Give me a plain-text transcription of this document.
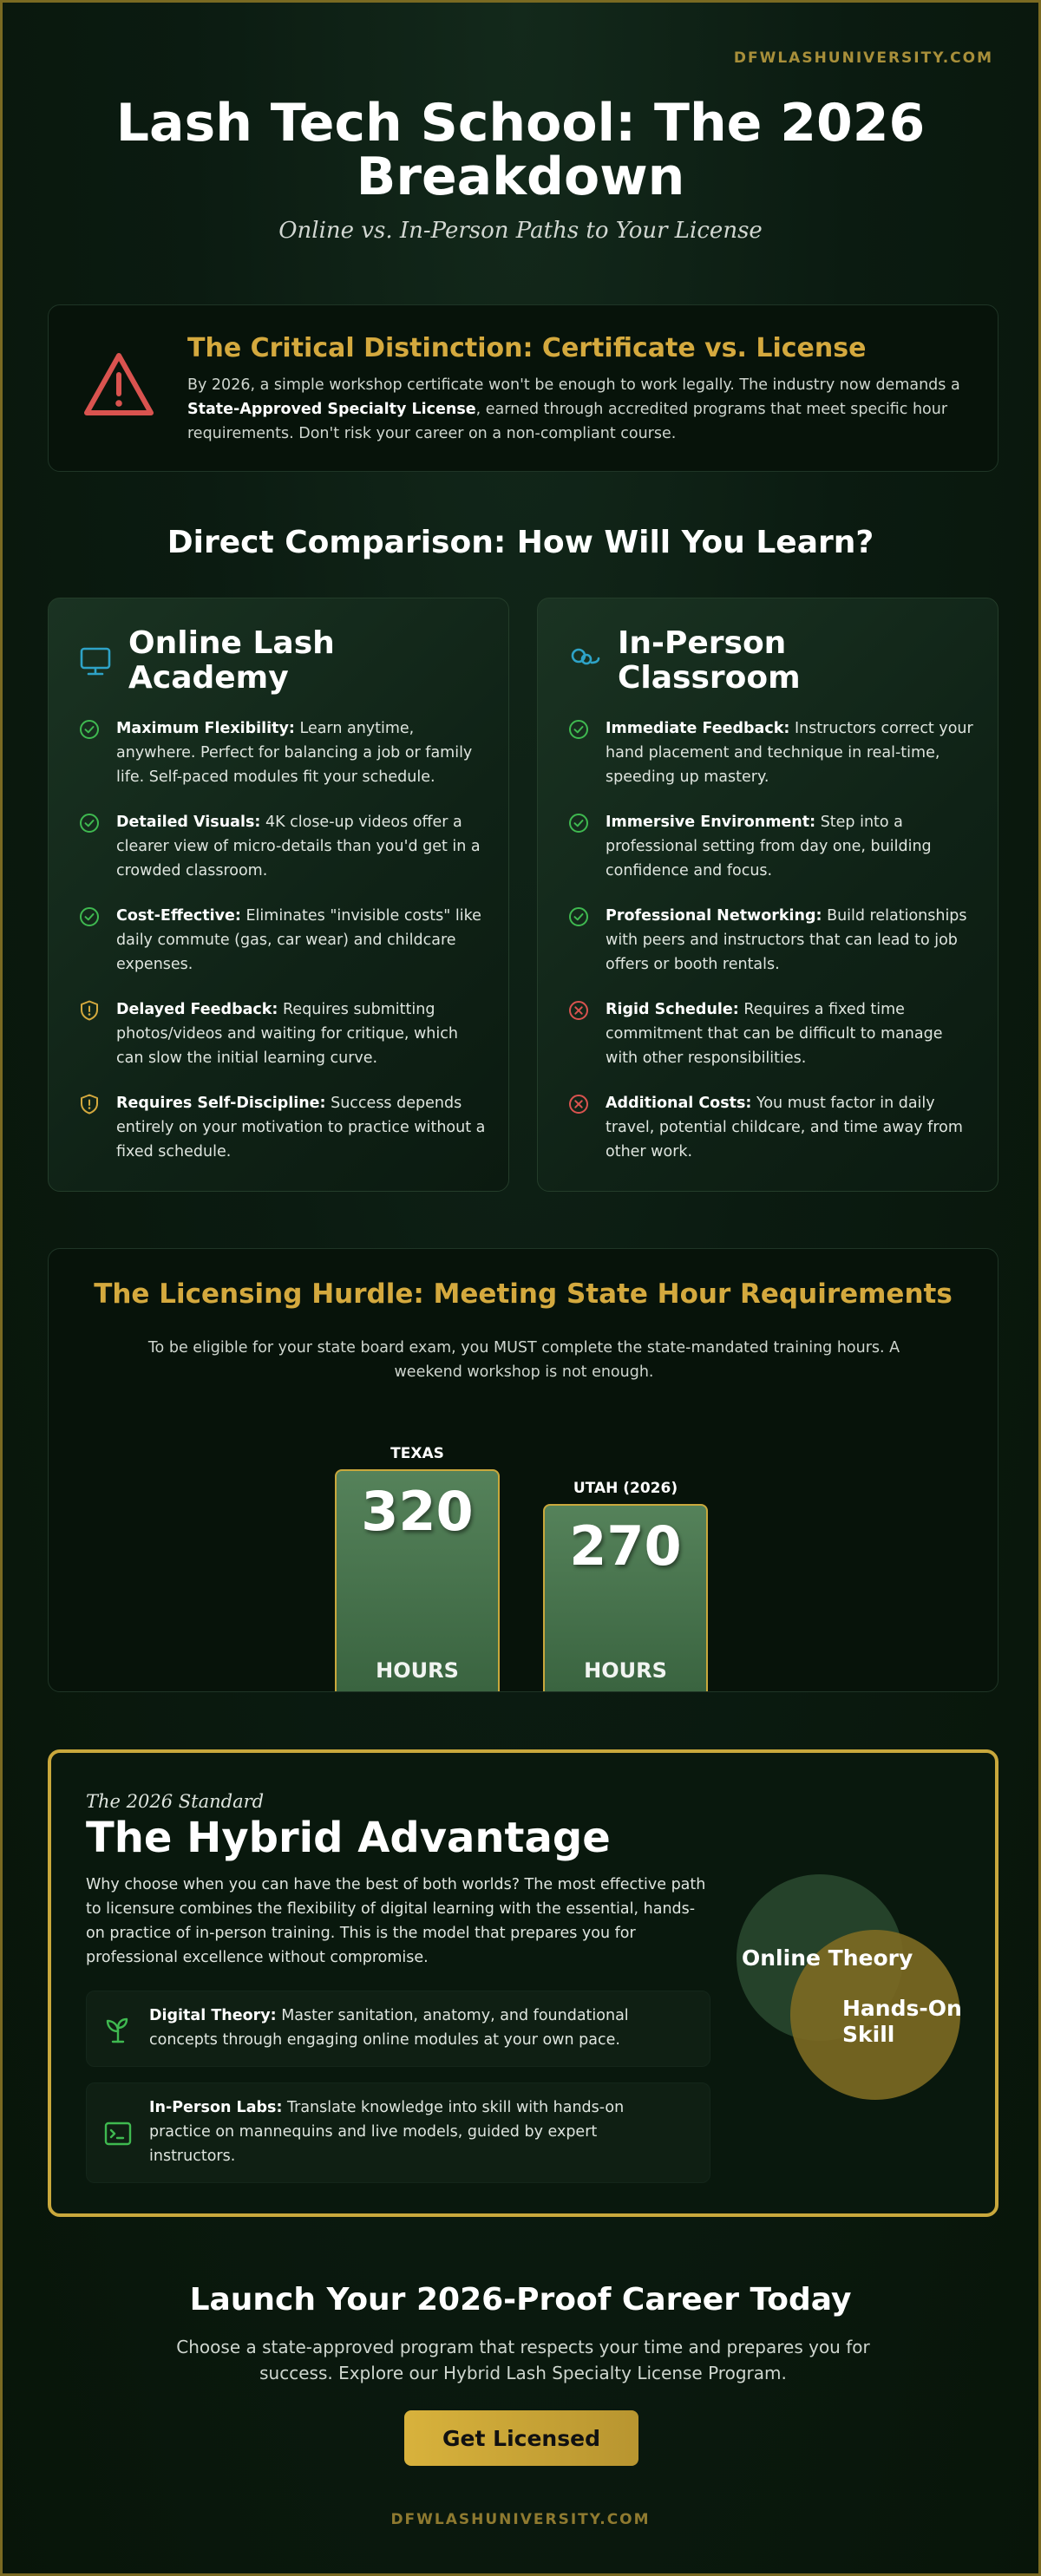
DFWLASHUNIVERSITY.COM
Lash Tech School: The 2026
Breakdown
Online vs. In-Person Paths to Your License
The Critical Distinction: Certificate vs. License
By 2026, a simple workshop certificate won't be enough to work legally. The industry now demands a State-Approved Specialty License, earned through accredited programs that meet specific hour requirements. Don't risk your career on a non-compliant course.
Direct Comparison: How Will You Learn?
Online Lash
Academy
Maximum Flexibility: Learn anytime, anywhere. Perfect for balancing a job or family life. Self-paced modules fit your schedule.
Detailed Visuals: 4K close-up videos offer a clearer view of micro-details than you'd get in a crowded classroom.
Cost-Effective: Eliminates "invisible costs" like daily commute (gas, car wear) and childcare expenses.
Delayed Feedback: Requires submitting photos/videos and waiting for critique, which can slow the initial learning curve.
Requires Self-Discipline: Success depends entirely on your motivation to practice without a fixed schedule.
In-Person
Classroom
Immediate Feedback: Instructors correct your hand placement and technique in real-time, speeding up mastery.
Immersive Environment: Step into a professional setting from day one, building confidence and focus.
Professional Networking: Build relationships with peers and instructors that can lead to job offers or booth rentals.
Rigid Schedule: Requires a fixed time commitment that can be difficult to manage with other responsibilities.
Additional Costs: You must factor in daily travel, potential childcare, and time away from other work.
The Licensing Hurdle: Meeting State Hour Requirements
To be eligible for your state board exam, you MUST complete the state-mandated training hours. A weekend workshop is not enough.
TEXAS
320
HOURS
UTAH (2026)
270
HOURS
The 2026 Standard
The Hybrid Advantage
Why choose when you can have the best of both worlds? The most effective path to licensure combines the flexibility of digital learning with the essential, hands-on practice of in-person training. This is the model that prepares you for professional excellence without compromise.
Digital Theory: Master sanitation, anatomy, and foundational concepts through engaging online modules at your own pace.
In-Person Labs: Translate knowledge into skill with hands-on practice on mannequins and live models, guided by expert instructors.
Online Theory
Hands-On
Skill
Launch Your 2026-Proof Career Today
Choose a state-approved program that respects your time and prepares you for success. Explore our Hybrid Lash Specialty License Program.
Get Licensed
DFWLASHUNIVERSITY.COM
